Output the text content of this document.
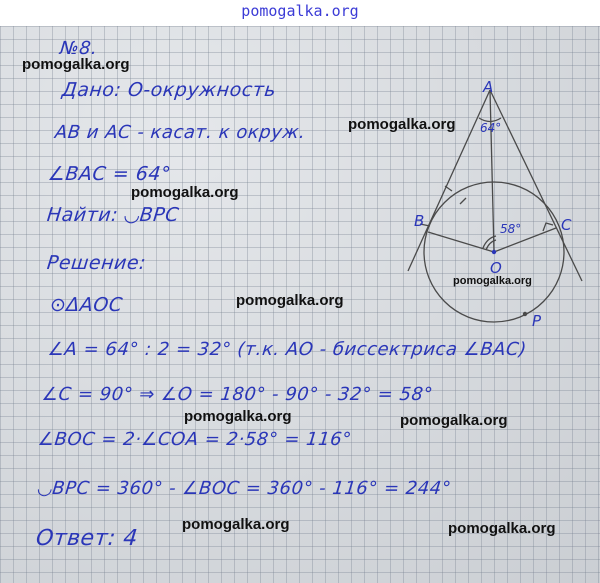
pomogalka.org
A
64°
B	C
58°
O
P
№8.
Дано: О-окружность
АВ и АС - касат. к окруж.
∠BAC = 64°
Найти: ◡BPC
Решение:
⊙ΔAOC
∠A = 64° : 2 = 32° (т.к. АО - биссектриса ∠BAC)
∠C = 90° ⇒ ∠O = 180° - 90° - 32° = 58°
∠BOC = 2·∠COA = 2·58° = 116°
◡BPC = 360° - ∠BOC = 360° - 116° = 244°
Ответ: 4
pomogalka.org
pomogalka.org
pomogalka.org
pomogalka.org
pomogalka.org
pomogalka.org	pomogalka.org
pomogalka.org	pomogalka.org
